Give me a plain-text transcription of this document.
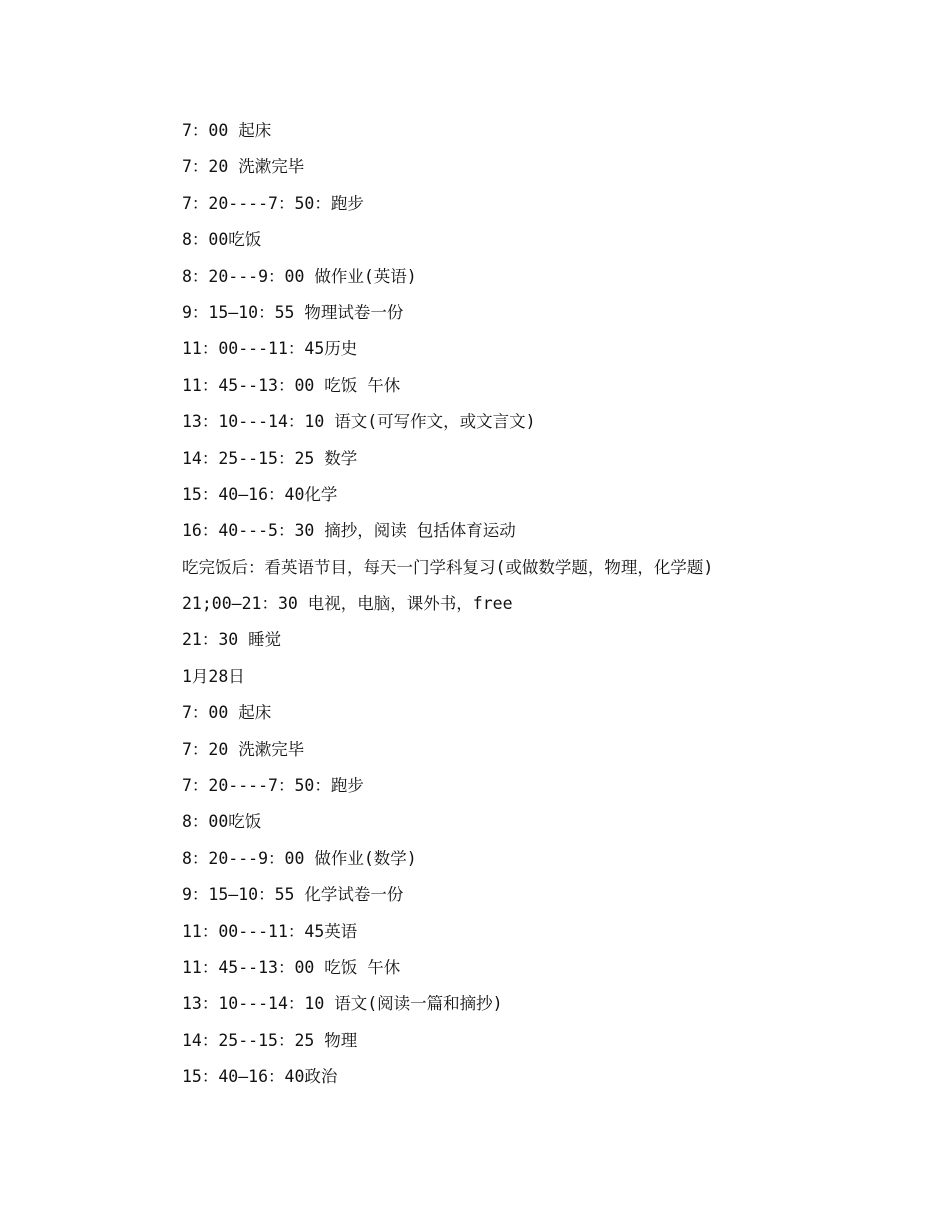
7：00 起床
7：20 洗漱完毕
7：20----7：50：跑步
8：00吃饭
8：20---9：00 做作业(英语)
9：15—10：55 物理试卷一份
11：00---11：45历史
11：45--13：00 吃饭 午休
13：10---14：10 语文(可写作文，或文言文)
14：25--15：25 数学
15：40—16：40化学
16：40---5：30 摘抄，阅读 包括体育运动
吃完饭后：看英语节目，每天一门学科复习(或做数学题，物理，化学题)
21;00—21：30 电视，电脑，课外书，free
21：30 睡觉
1月28日
7：00 起床
7：20 洗漱完毕
7：20----7：50：跑步
8：00吃饭
8：20---9：00 做作业(数学)
9：15—10：55 化学试卷一份
11：00---11：45英语
11：45--13：00 吃饭 午休
13：10---14：10 语文(阅读一篇和摘抄)
14：25--15：25 物理
15：40—16：40政治
